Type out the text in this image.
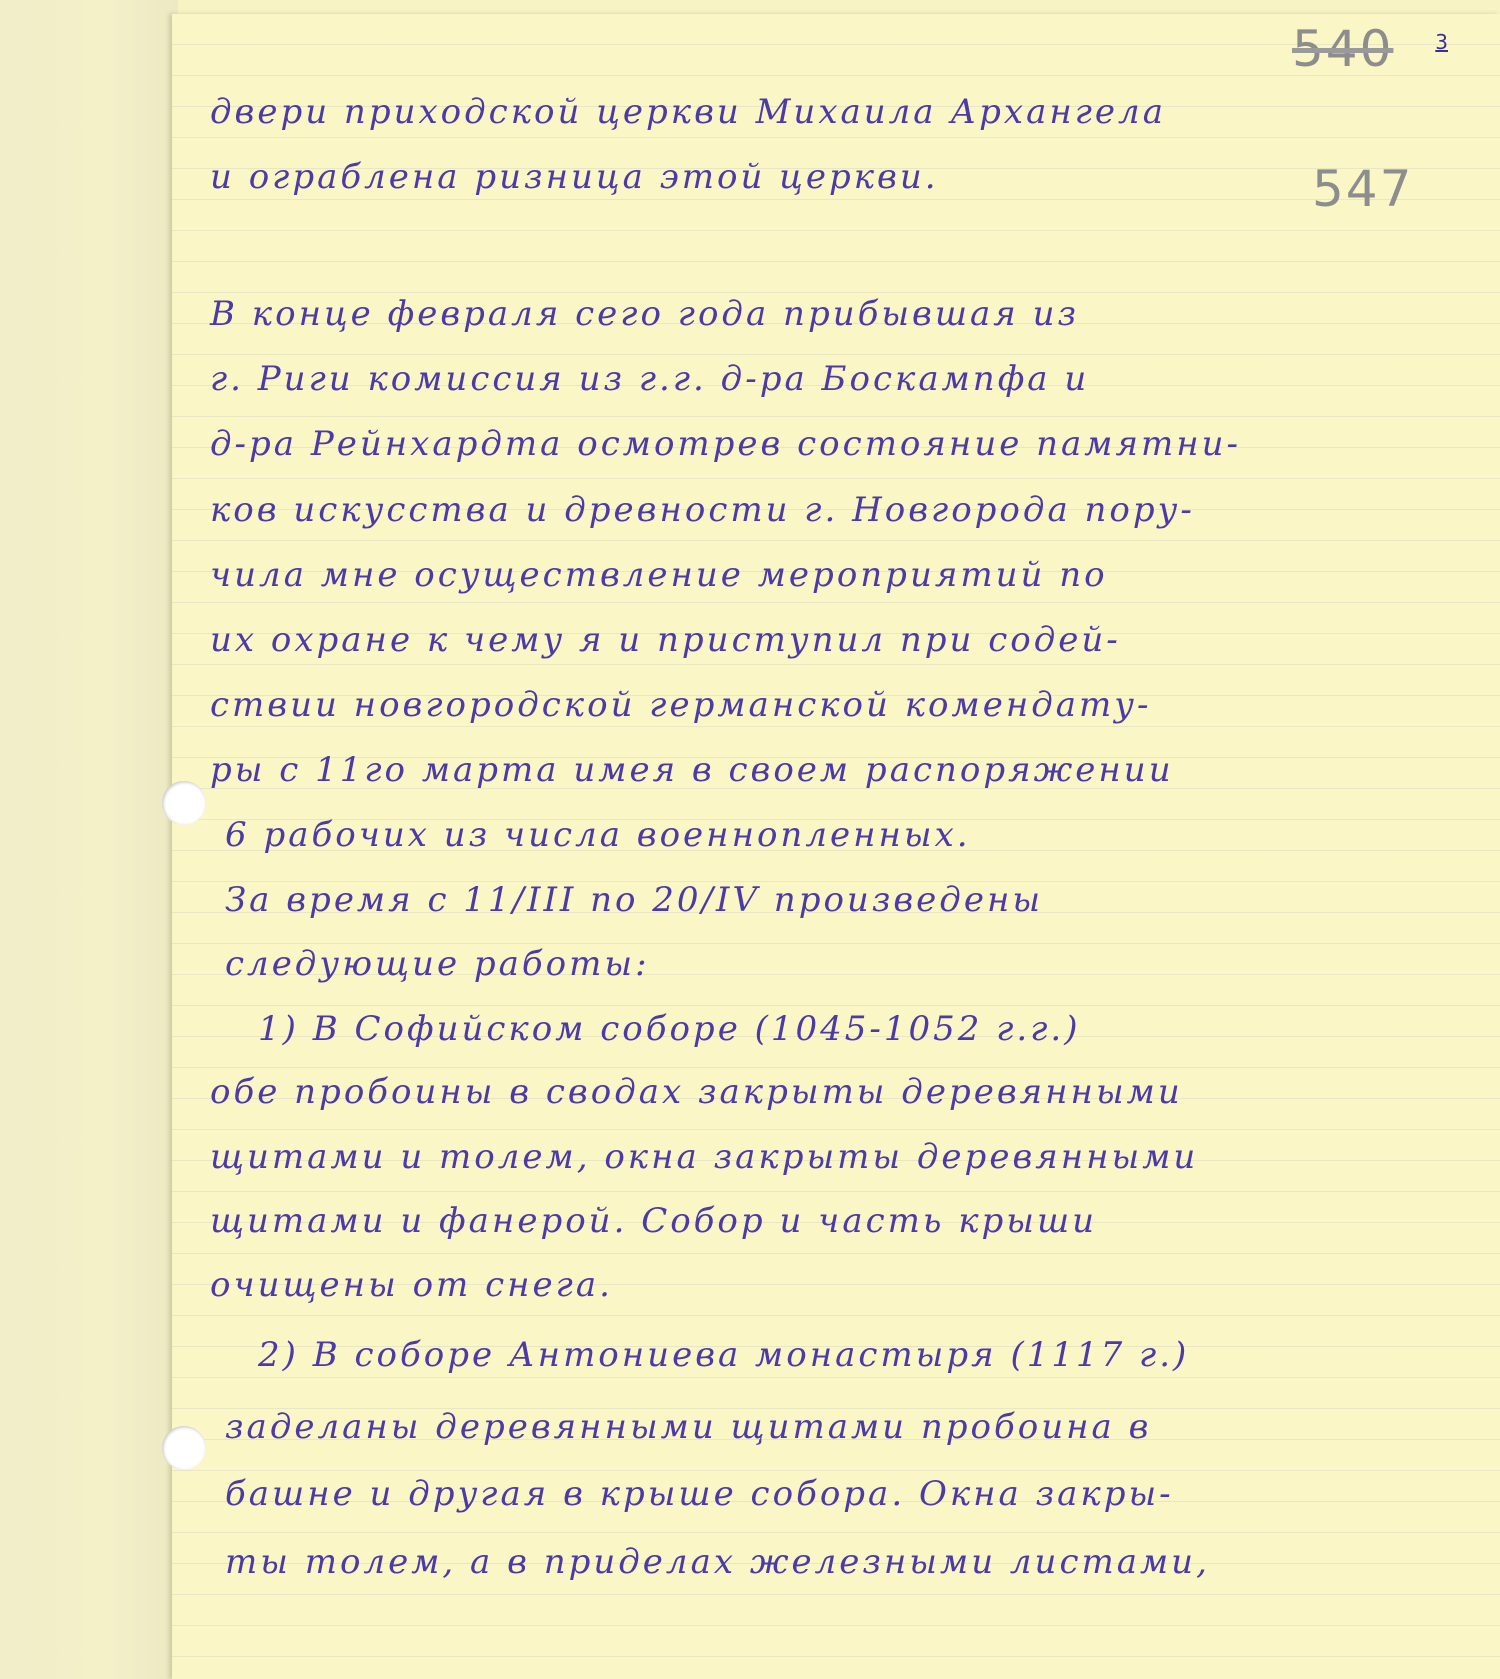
540
547
3
двери приходской церкви Михаила Архангела
и ограблена ризница этой церкви.
В конце февраля сего года прибывшая из
г. Риги комиссия из г.г. д-ра Боскампфа и
д-ра Рейнхардта осмотрев состояние памятни-
ков искусства и древности г. Новгорода пору-
чила мне осуществление мероприятий по
их охране к чему я и приступил при содей-
ствии новгородской германской комендату-
ры с 11го марта имея в своем распоряжении
6 рабочих из числа военнопленных.
За время с 11/III по 20/IV произведены
следующие работы:
1) В Софийском соборе (1045-1052 г.г.)
обе пробоины в сводах закрыты деревянными
щитами и толем, окна закрыты деревянными
щитами и фанерой. Собор и часть крыши
очищены от снега.
2) В соборе Антониева монастыря (1117 г.)
заделаны деревянными щитами пробоина в
башне и другая в крыше собора. Окна закры-
ты толем, а в приделах железными листами,
